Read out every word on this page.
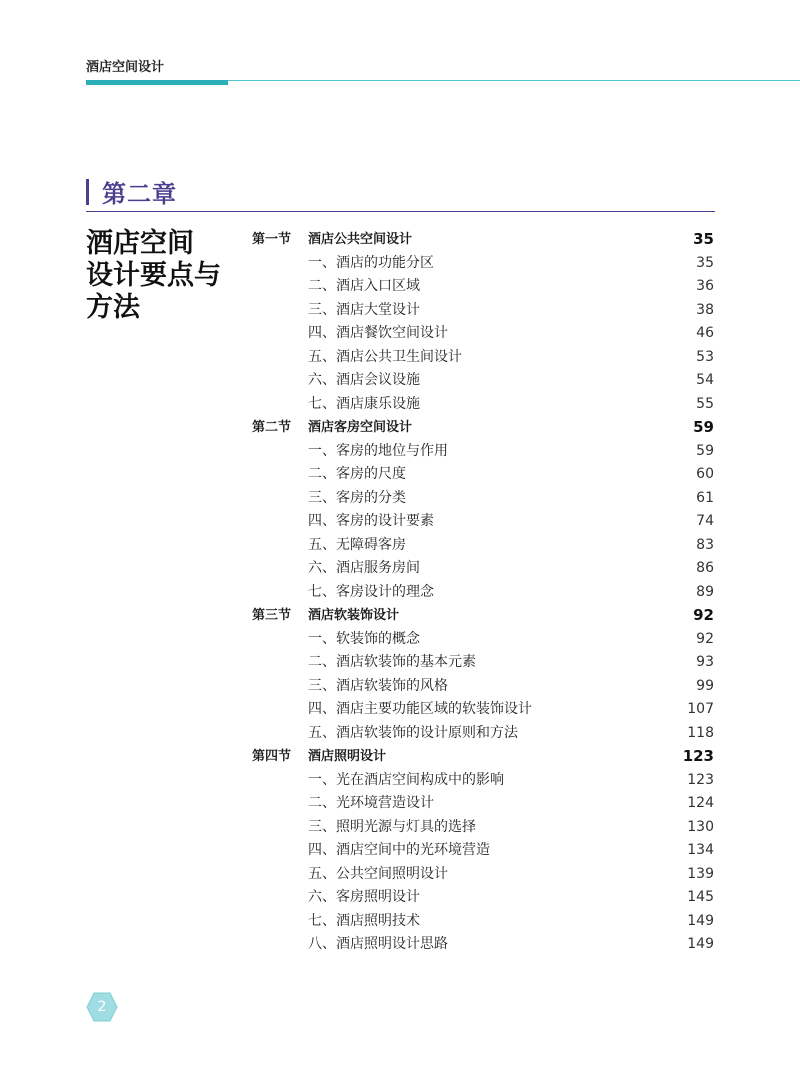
酒店空间设计
第二章
酒店空间
设计要点与
方法
第一节 酒店公共空间设计	35
一、酒店的功能分区	35
二、酒店入口区域	36
三、酒店大堂设计	38
四、酒店餐饮空间设计	46
五、酒店公共卫生间设计	53
六、酒店会议设施	54
七、酒店康乐设施	55
第二节 酒店客房空间设计	59
一、客房的地位与作用	59
二、客房的尺度	60
三、客房的分类	61
四、客房的设计要素	74
五、无障碍客房	83
六、酒店服务房间	86
七、客房设计的理念	89
第三节 酒店软装饰设计	92
一、软装饰的概念	92
二、酒店软装饰的基本元素	93
三、酒店软装饰的风格	99
四、酒店主要功能区域的软装饰设计	107
五、酒店软装饰的设计原则和方法	118
第四节 酒店照明设计	123
一、光在酒店空间构成中的影响	123
二、光环境营造设计	124
三、照明光源与灯具的选择	130
四、酒店空间中的光环境营造	134
五、公共空间照明设计	139
六、客房照明设计	145
七、酒店照明技术	149
八、酒店照明设计思路	149
2
